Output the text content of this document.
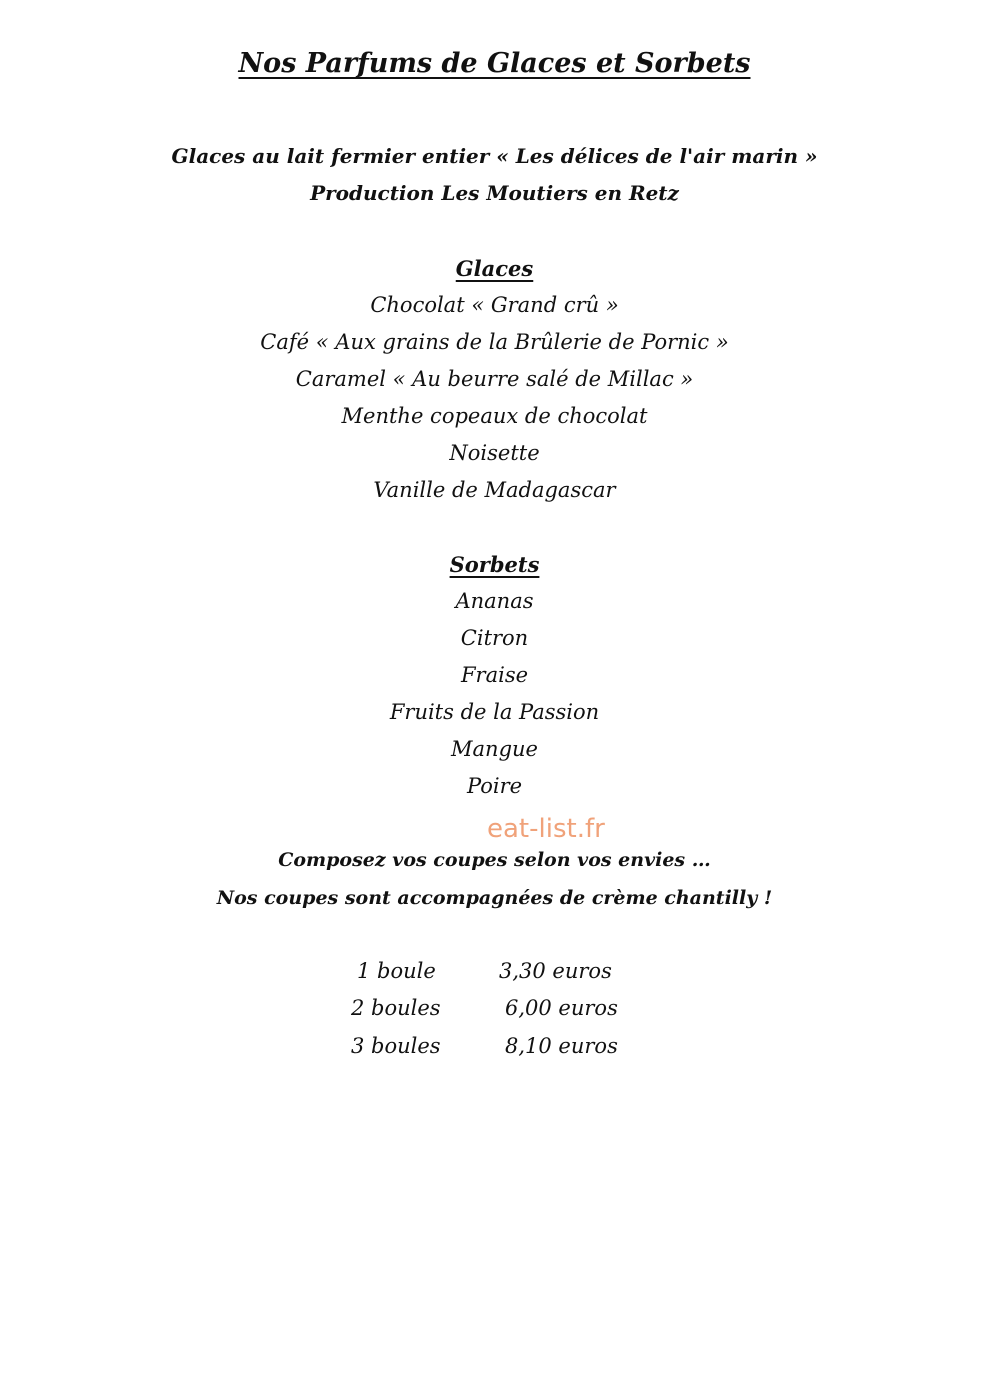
Nos Parfums de Glaces et Sorbets
Glaces au lait fermier entier « Les délices de l'air marin »
Production Les Moutiers en Retz
Glaces
Chocolat « Grand crû »
Café « Aux grains de la Brûlerie de Pornic »
Caramel « Au beurre salé de Millac »
Menthe copeaux de chocolat
Noisette
Vanille de Madagascar
Sorbets
Ananas
Citron
Fraise
Fruits de la Passion
Mangue
Poire
eat-list.fr
Composez vos coupes selon vos envies …
Nos coupes sont accompagnées de crème chantilly !
1 boule	3,30 euros
2 boules	6,00 euros
3 boules	8,10 euros
